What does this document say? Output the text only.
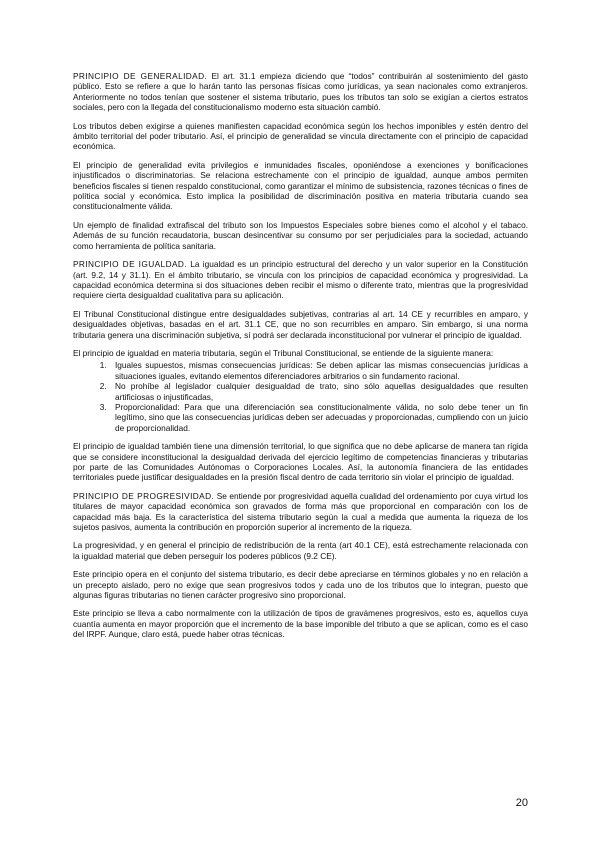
PRINCIPIO DE GENERALIDAD. El art. 31.1 empieza diciendo que “todos” contribuirán al sostenimiento del gasto público. Esto se refiere a que lo harán tanto las personas físicas como jurídicas, ya sean nacionales como extranjeros. Anteriormente no todos tenían que sostener el sistema tributario, pues los tributos tan solo se exigían a ciertos estratos sociales, pero con la llegada del constitucionalismo moderno esta situación cambió.

Los tributos deben exigirse a quienes manifiesten capacidad económica según los hechos imponibles y estén dentro del ámbito territorial del poder tributario. Así, el principio de generalidad se vincula directamente con el principio de capacidad económica.

El principio de generalidad evita privilegios e inmunidades fiscales, oponiéndose a exenciones y bonificaciones injustificados o discriminatorias. Se relaciona estrechamente con el principio de igualdad, aunque ambos permiten beneficios fiscales si tienen respaldo constitucional, como garantizar el mínimo de subsistencia, razones técnicas o fines de política social y económica. Esto implica la posibilidad de discriminación positiva en materia tributaria cuando sea constitucionalmente válida.

Un ejemplo de finalidad extrafiscal del tributo son los Impuestos Especiales sobre bienes como el alcohol y el tabaco. Además de su función recaudatoria, buscan desincentivar su consumo por ser perjudiciales para la sociedad, actuando como herramienta de política sanitaria.

PRINCIPIO DE IGUALDAD. La igualdad es un principio estructural del derecho y un valor superior en la Constitución (art. 9.2, 14 y 31.1). En el ámbito tributario, se vincula con los principios de capacidad económica y progresividad. La capacidad económica determina si dos situaciones deben recibir el mismo o diferente trato, mientras que la progresividad requiere cierta desigualdad cualitativa para su aplicación.

El Tribunal Constitucional distingue entre desigualdades subjetivas, contrarias al art. 14 CE y recurribles en amparo, y desigualdades objetivas, basadas en el art. 31.1 CE, que no son recurribles en amparo. Sin embargo, si una norma tributaria genera una discriminación subjetiva, sí podrá ser declarada inconstitucional por vulnerar el principio de igualdad.

El principio de igualdad en materia tributaria, según el Tribunal Constitucional, se entiende de la siguiente manera:

1. Iguales supuestos, mismas consecuencias jurídicas: Se deben aplicar las mismas consecuencias jurídicas a situaciones iguales, evitando elementos diferenciadores arbitrarios o sin fundamento racional.
2. No prohíbe al legislador cualquier desigualdad de trato, sino sólo aquellas desigualdades que resulten artificiosas o injustificadas,
3. Proporcionalidad: Para que una diferenciación sea constitucionalmente válida, no solo debe tener un fin legítimo, sino que las consecuencias jurídicas deben ser adecuadas y proporcionadas, cumpliendo con un juicio de proporcionalidad.

El principio de igualdad también tiene una dimensión territorial, lo que significa que no debe aplicarse de manera tan rígida que se considere inconstitucional la desigualdad derivada del ejercicio legítimo de competencias financieras y tributarias por parte de las Comunidades Autónomas o Corporaciones Locales. Así, la autonomía financiera de las entidades territoriales puede justificar desigualdades en la presión fiscal dentro de cada territorio sin violar el principio de igualdad.

PRINCIPIO DE PROGRESIVIDAD. Se entiende por progresividad aquella cualidad del ordenamiento por cuya virtud los titulares de mayor capacidad económica son gravados de forma más que proporcional en comparación con los de capacidad más baja. Es la característica del sistema tributario según la cual a medida que aumenta la riqueza de los sujetos pasivos, aumenta la contribución en proporción superior al incremento de la riqueza.

La progresividad, y en general el principio de redistribución de la renta (art 40.1 CE), está estrechamente relacionada con la igualdad material que deben perseguir los poderes públicos (9.2 CE).

Este principio opera en el conjunto del sistema tributario, es decir debe apreciarse en términos globales y no en relación a un precepto aislado, pero no exige que sean progresivos todos y cada uno de los tributos que lo integran, puesto que algunas figuras tributarias no tienen carácter progresivo sino proporcional.

Este principio se lleva a cabo normalmente con la utilización de tipos de gravámenes progresivos, esto es, aquellos cuya cuantía aumenta en mayor proporción que el incremento de la base imponible del tributo a que se aplican, como es el caso del IRPF. Aunque, claro está, puede haber otras técnicas.

20
